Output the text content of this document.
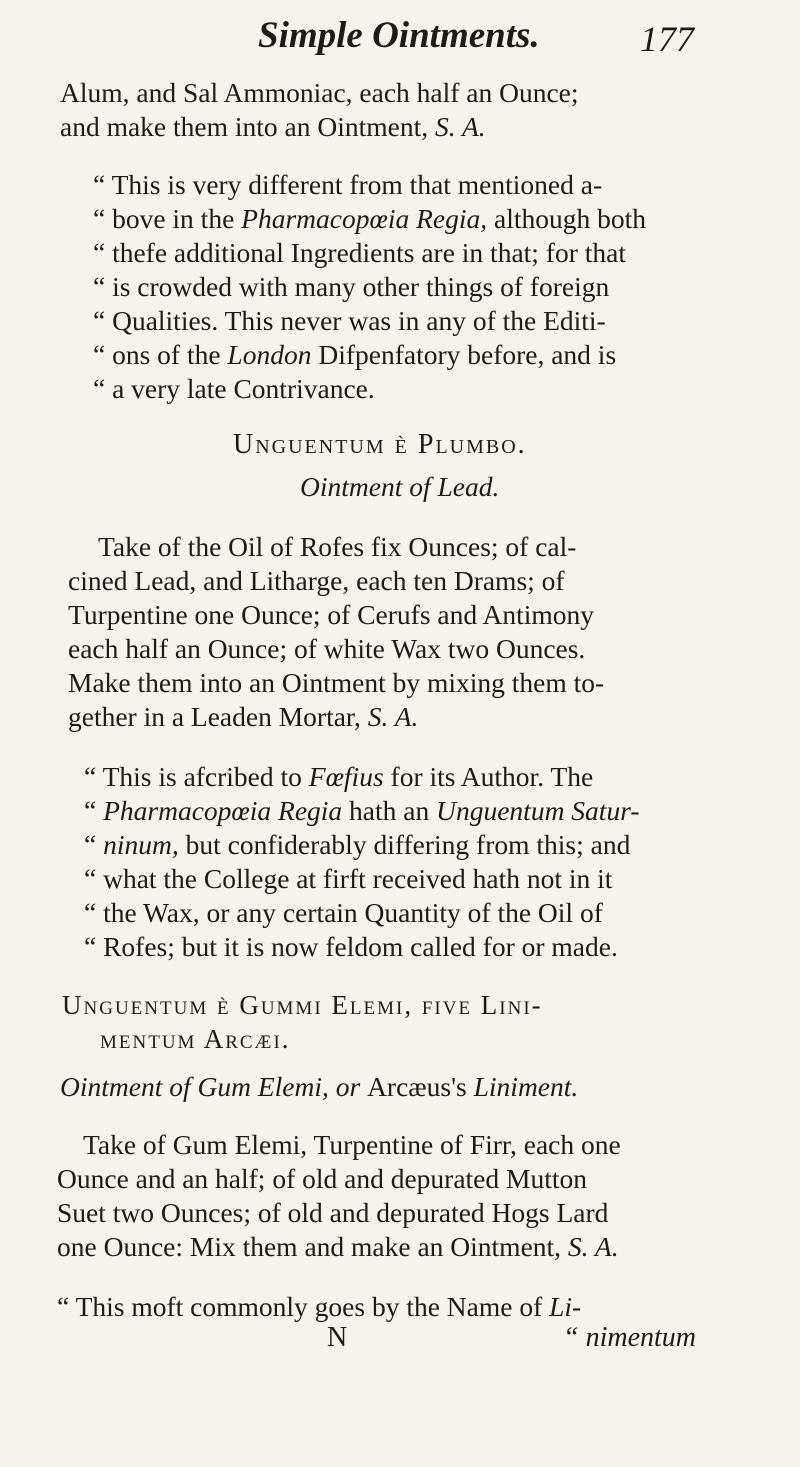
Simple Ointments.	177
Alum, and Sal Ammoniac, each half an Ounce;
and make them into an Ointment, S. A.
“ This is very different from that mentioned a-
“ bove in the Pharmacopœia Regia, although both
“ thefe additional Ingredients are in that; for that
“ is crowded with many other things of foreign
“ Qualities. This never was in any of the Editi-
“ ons of the London Difpenfatory before, and is
“ a very late Contrivance.
Unguentum è Plumbo.
Ointment of Lead.
Take of the Oil of Rofes fix Ounces; of cal-
cined Lead, and Litharge, each ten Drams; of
Turpentine one Ounce; of Cerufs and Antimony
each half an Ounce; of white Wax two Ounces.
Make them into an Ointment by mixing them to-
gether in a Leaden Mortar, S. A.
“ This is afcribed to Fœfius for its Author. The
“ Pharmacopœia Regia hath an Unguentum Satur-
“ ninum, but confiderably differing from this; and
“ what the College at firft received hath not in it
“ the Wax, or any certain Quantity of the Oil of
“ Rofes; but it is now feldom called for or made.
Unguentum è Gummi Elemi, five Lini-
mentum Arcæi.
Ointment of Gum Elemi, or Arcæus's Liniment.
Take of Gum Elemi, Turpentine of Firr, each one
Ounce and an half; of old and depurated Mutton
Suet two Ounces; of old and depurated Hogs Lard
one Ounce: Mix them and make an Ointment, S. A.
“ This moft commonly goes by the Name of Li-
N	“ nimentum
